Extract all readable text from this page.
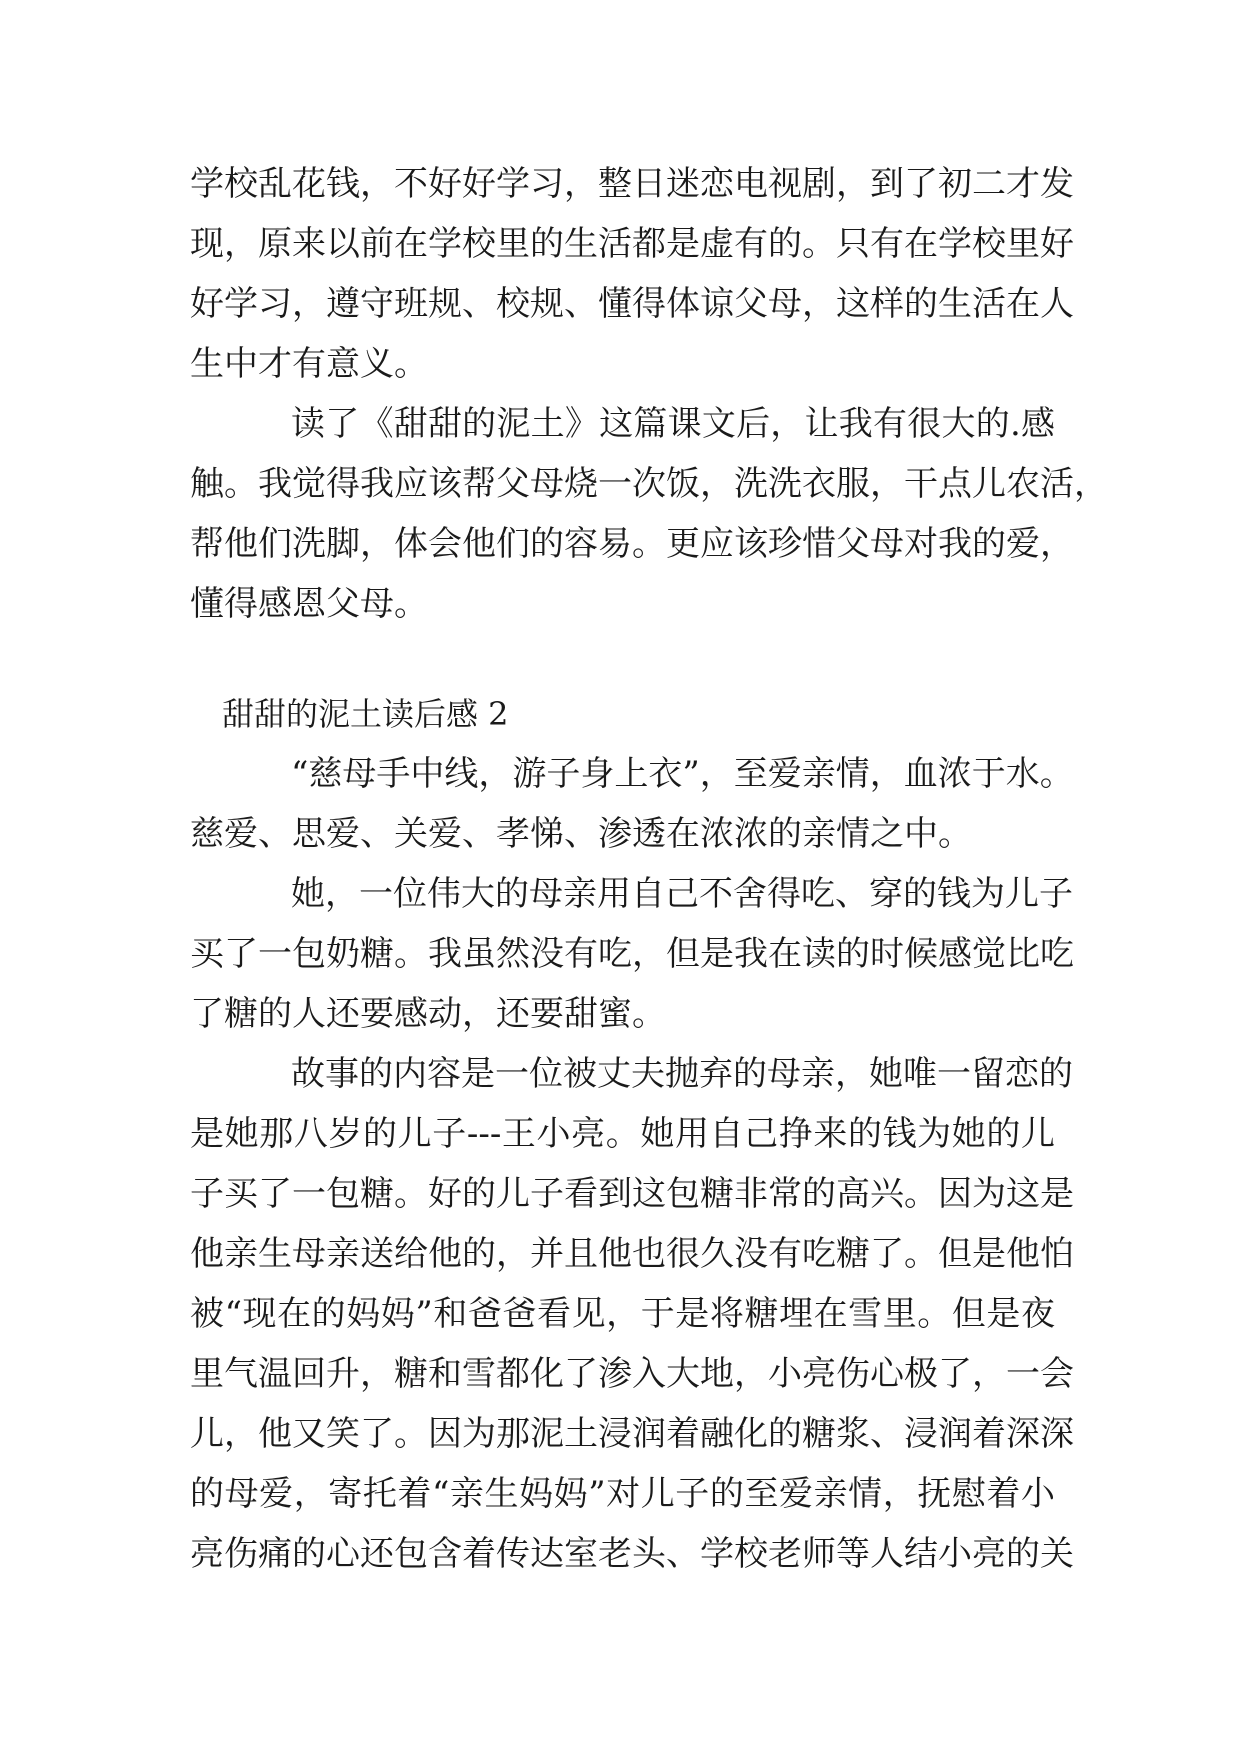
学校乱花钱，不好好学习，整日迷恋电视剧，到了初二才发
现，原来以前在学校里的生活都是虚有的。只有在学校里好
好学习，遵守班规、校规、懂得体谅父母，这样的生活在人
生中才有意义。
读了《甜甜的泥土》这篇课文后，让我有很大的.感
触。我觉得我应该帮父母烧一次饭，洗洗衣服，干点儿农活，
帮他们洗脚，体会他们的容易。更应该珍惜父母对我的爱，
懂得感恩父母。
甜甜的泥土读后感 2
“慈母手中线，游子身上衣”，至爱亲情，血浓于水。
慈爱、思爱、关爱、孝悌、渗透在浓浓的亲情之中。
她，一位伟大的母亲用自己不舍得吃、穿的钱为儿子
买了一包奶糖。我虽然没有吃，但是我在读的时候感觉比吃
了糖的人还要感动，还要甜蜜。
故事的内容是一位被丈夫抛弃的母亲，她唯一留恋的
是她那八岁的儿子---王小亮。她用自己挣来的钱为她的儿
子买了一包糖。好的儿子看到这包糖非常的高兴。因为这是
他亲生母亲送给他的，并且他也很久没有吃糖了。但是他怕
被“现在的妈妈”和爸爸看见，于是将糖埋在雪里。但是夜
里气温回升，糖和雪都化了渗入大地，小亮伤心极了，一会
儿，他又笑了。因为那泥土浸润着融化的糖浆、浸润着深深
的母爱，寄托着“亲生妈妈”对儿子的至爱亲情，抚慰着小
亮伤痛的心还包含着传达室老头、学校老师等人结小亮的关
